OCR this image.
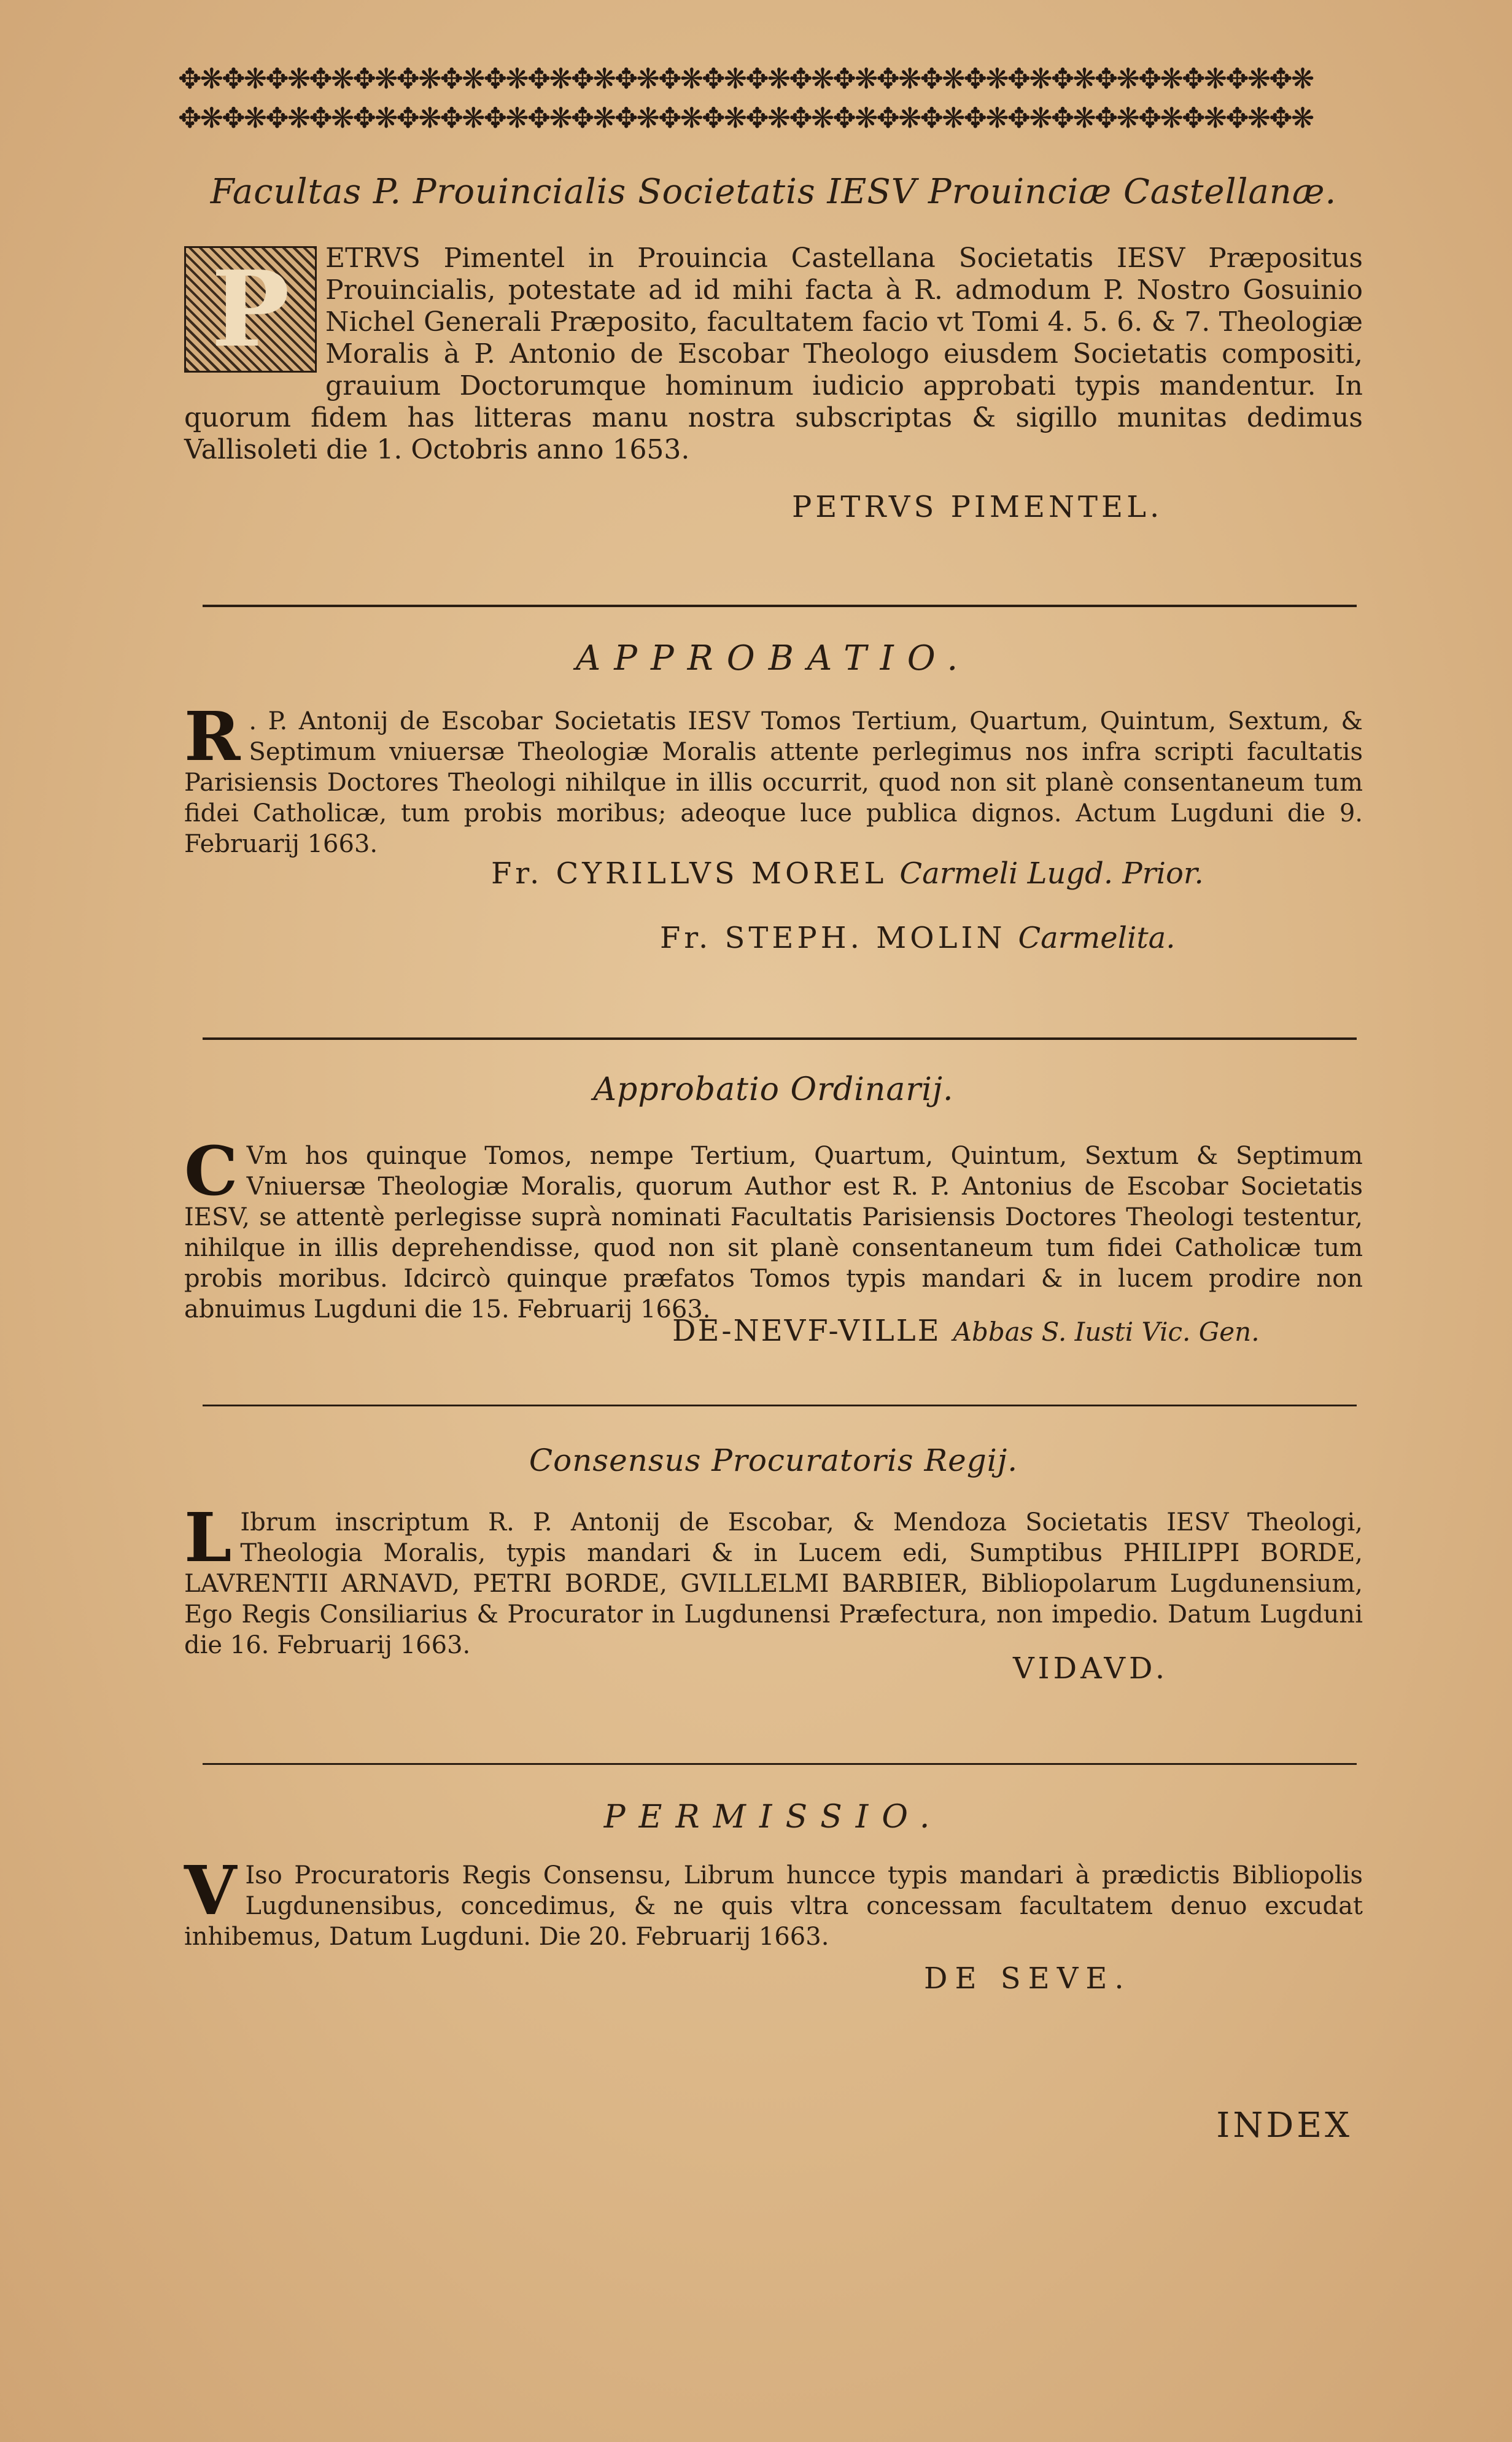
✥❋✥❋✥❋✥❋✥❋✥❋✥❋✥❋✥❋✥❋✥❋✥❋✥❋✥❋✥❋✥❋✥❋✥❋✥❋✥❋✥❋✥❋✥❋✥❋✥❋✥❋
✥❋✥❋✥❋✥❋✥❋✥❋✥❋✥❋✥❋✥❋✥❋✥❋✥❋✥❋✥❋✥❋✥❋✥❋✥❋✥❋✥❋✥❋✥❋✥❋✥❋✥❋
Facultas P. Prouincialis Societatis IESV Prouinciæ Castellanæ.
P	ETRVS Pimentel in Prouincia Castellana Societatis IESV Præpositus Prouincialis, potestate ad id mihi facta à R. admodum P. Nostro Gosuinio Nichel Generali Præposito, facultatem facio vt Tomi 4. 5. 6. & 7. Theologiæ Moralis à P. Antonio de Escobar Theologo eiusdem Societatis compositi, grauium Doctorumque hominum iudicio approbati typis mandentur. In quorum fidem has litteras manu nostra subscriptas & sigillo munitas dedimus Vallisoleti die 1. Octobris anno 1653.
PETRVS PIMENTEL.
APPROBATIO.
R . P. Antonij de Escobar Societatis IESV Tomos Tertium, Quartum, Quintum, Sextum, & Septimum vniuersæ Theologiæ Moralis attente perlegimus nos infra scripti facultatis Parisiensis Doctores Theologi nihilque in illis occurrit, quod non sit planè consentaneum tum fidei Catholicæ, tum probis moribus; adeoque luce publica dignos. Actum Lugduni die 9. Februarij 1663.
Fr. CYRILLVS MOREL Carmeli Lugd. Prior.
Fr. STEPH. MOLIN Carmelita.
Approbatio Ordinarij.
C Vm hos quinque Tomos, nempe Tertium, Quartum, Quintum, Sextum & Septimum Vniuersæ Theologiæ Moralis, quorum Author est R. P. Antonius de Escobar Societatis IESV, se attentè perlegisse suprà nominati Facultatis Parisiensis Doctores Theologi testentur, nihilque in illis deprehendisse, quod non sit planè consentaneum tum fidei Catholicæ tum probis moribus. Idcircò quinque præfatos Tomos typis mandari & in lucem prodire non abnuimus Lugduni die 15. Februarij 1663.
DE-NEVF-VILLE Abbas S. Iusti Vic. Gen.
Consensus Procuratoris Regij.
L Ibrum inscriptum R. P. Antonij de Escobar, & Mendoza Societatis IESV Theologi, Theologia Moralis, typis mandari & in Lucem edi, Sumptibus PHILIPPI BORDE, LAVRENTII ARNAVD, PETRI BORDE, GVILLELMI BARBIER, Bibliopolarum Lugdunensium, Ego Regis Consiliarius & Procurator in Lugdunensi Præfectura, non impedio. Datum Lugduni die 16. Februarij 1663.
VIDAVD.
PERMISSIO.
V Iso Procuratoris Regis Consensu, Librum huncce typis mandari à prædictis Bibliopolis Lugdunensibus, concedimus, & ne quis vltra concessam facultatem denuo excudat inhibemus, Datum Lugduni. Die 20. Februarij 1663.
DE SEVE.
INDEX
